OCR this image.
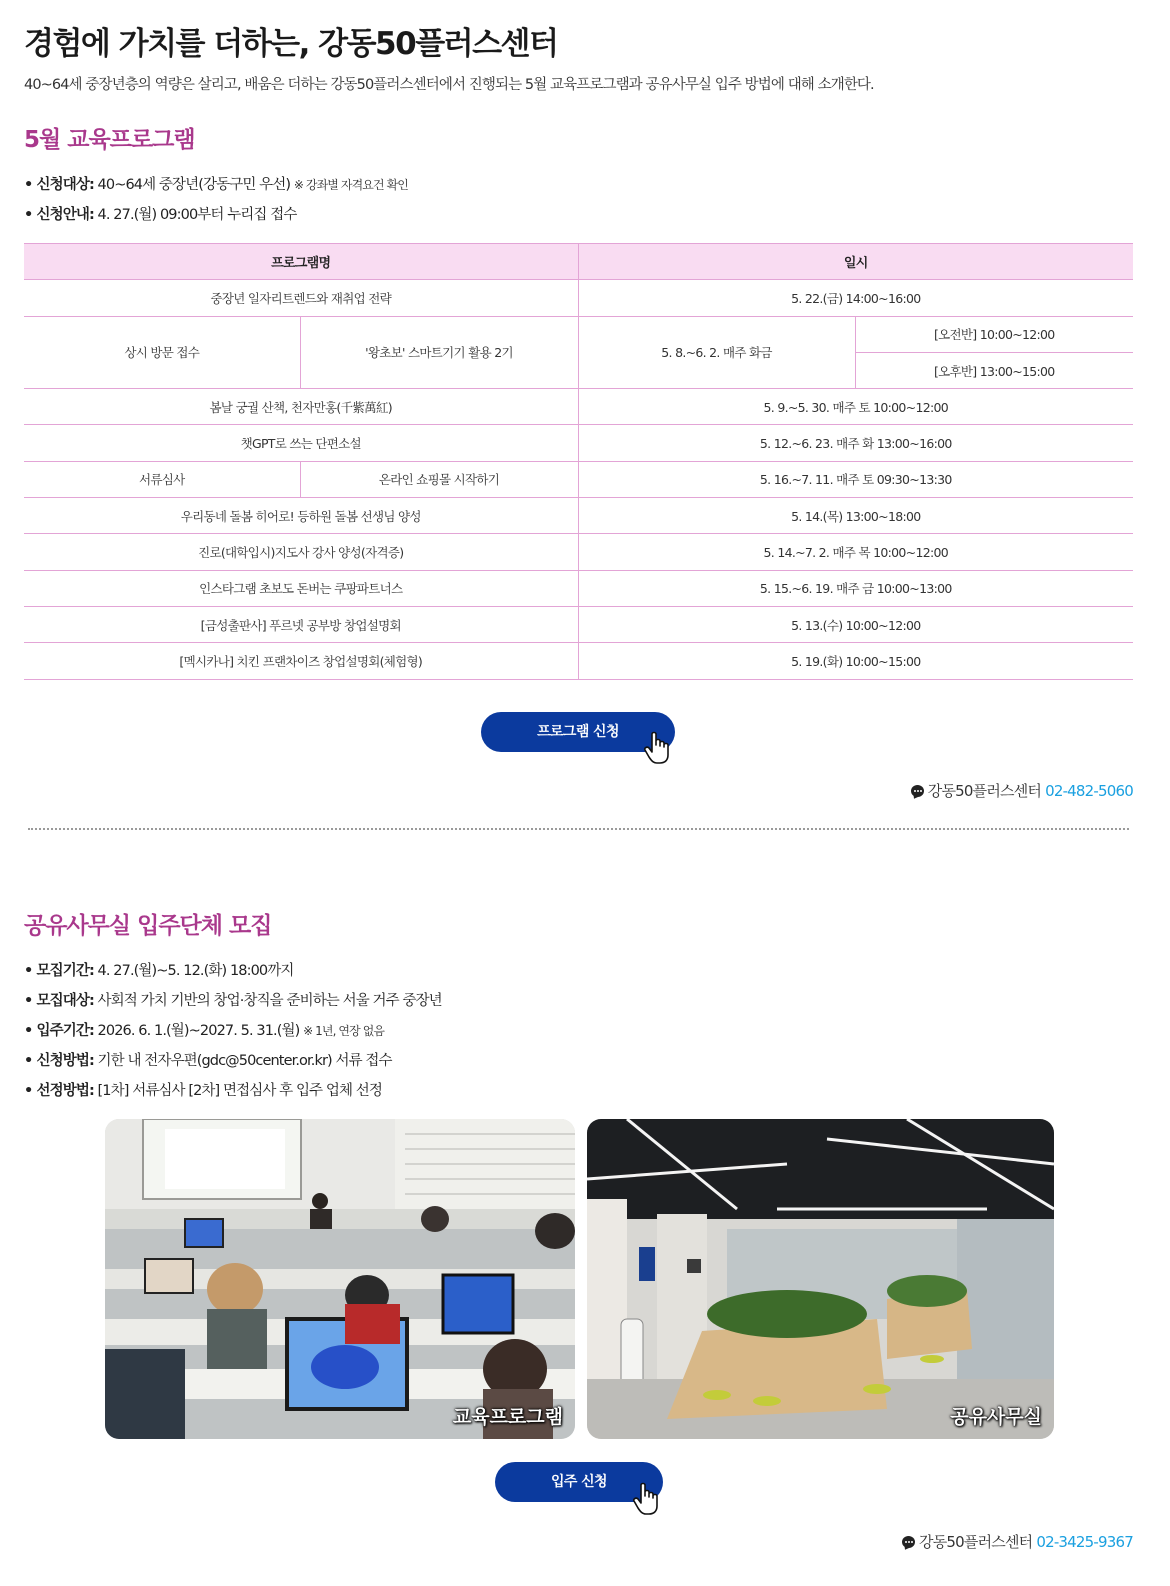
경험에 가치를 더하는, 강동50플러스센터
40~64세 중장년층의 역량은 살리고, 배움은 더하는 강동50플러스센터에서 진행되는 5월 교육프로그램과 공유사무실 입주 방법에 대해 소개한다.
5월 교육프로그램
• 신청대상: 40~64세 중장년(강동구민 우선) ※ 강좌별 자격요건 확인
• 신청안내: 4. 27.(월) 09:00부터 누리집 접수
프로그램명		일시	
중장년 일자리트렌드와 재취업 전략		5. 22.(금) 14:00~16:00	
상시 방문 접수	'왕초보' 스마트기기 활용 2기	5. 8.~6. 2. 매주 화금	[오전반] 10:00~12:00
			[오후반] 13:00~15:00
봄날 궁궐 산책, 천자만홍(千紫萬紅)		5. 9.~5. 30. 매주 토 10:00~12:00	
챗GPT로 쓰는 단편소설		5. 12.~6. 23. 매주 화 13:00~16:00	
서류심사	온라인 쇼핑몰 시작하기	5. 16.~7. 11. 매주 토 09:30~13:30	
우리동네 돌봄 히어로! 등하원 돌봄 선생님 양성		5. 14.(목) 13:00~18:00	
진로(대학입시)지도사 강사 양성(자격증)		5. 14.~7. 2. 매주 목 10:00~12:00	
인스타그램 초보도 돈버는 쿠팡파트너스		5. 15.~6. 19. 매주 금 10:00~13:00	
[금성출판사] 푸르넷 공부방 창업설명회		5. 13.(수) 10:00~12:00	
[멕시카나] 치킨 프랜차이즈 창업설명회(체험형)		5. 19.(화) 10:00~15:00	
프로그램 신청
강동50플러스센터 02-482-5060
공유사무실 입주단체 모집
• 모집기간: 4. 27.(월)~5. 12.(화) 18:00까지
• 모집대상: 사회적 가치 기반의 창업·창직을 준비하는 서울 거주 중장년
• 입주기간: 2026. 6. 1.(월)~2027. 5. 31.(월) ※ 1년, 연장 없음
• 신청방법: 기한 내 전자우편(gdc@50center.or.kr) 서류 접수
• 선정방법: [1차] 서류심사 [2차] 면접심사 후 입주 업체 선정
교육프로그램	공유사무실
입주 신청
강동50플러스센터 02-3425-9367
